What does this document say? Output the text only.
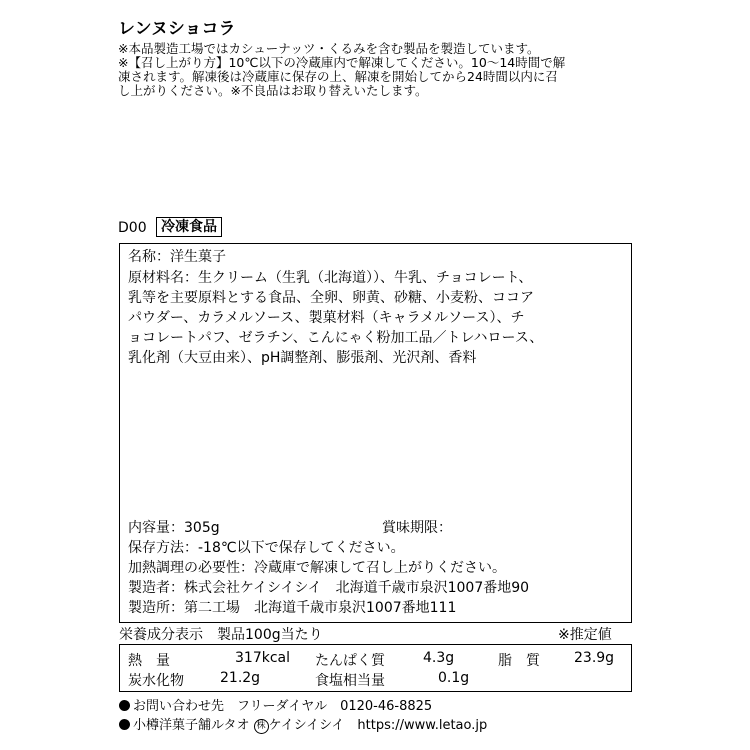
レンヌショコラ
※本品製造工場ではカシューナッツ・くるみを含む製品を製造しています。
※【召し上がり方】10℃以下の冷蔵庫内で解凍してください。10～14時間で解
凍されます。解凍後は冷蔵庫に保存の上、解凍を開始してから24時間以内に召
し上がりください。※不良品はお取り替えいたします。
D00	冷凍食品
名称：洋生菓子
原材料名：生クリーム（生乳（北海道））、牛乳、チョコレート、
乳等を主要原料とする食品、全卵、卵黄、砂糖、小麦粉、ココア
パウダー、カラメルソース、製菓材料（キャラメルソース）、チ
ョコレートパフ、ゼラチン、こんにゃく粉加工品／トレハロース、
乳化剤（大豆由来）、pH調整剤、膨張剤、光沢剤、香料
内容量：305g	賞味期限：
保存方法：-18℃以下で保存してください。
加熱調理の必要性：冷蔵庫で解凍して召し上がりください。
製造者：株式会社ケイシイシイ　北海道千歳市泉沢1007番地90
製造所：第二工場　北海道千歳市泉沢1007番地111
栄養成分表示　製品100g当たり	※推定値
熱　量	317kcal たんぱく質	4.3g	脂　質 23.9g
炭水化物	21.2g	食塩相当量	0.1g
お問い合わせ先　フリーダイヤル　0120-46-8825
小樽洋菓子舗ルタオ 株 ケイシイシイ　https://www.letao.jp
